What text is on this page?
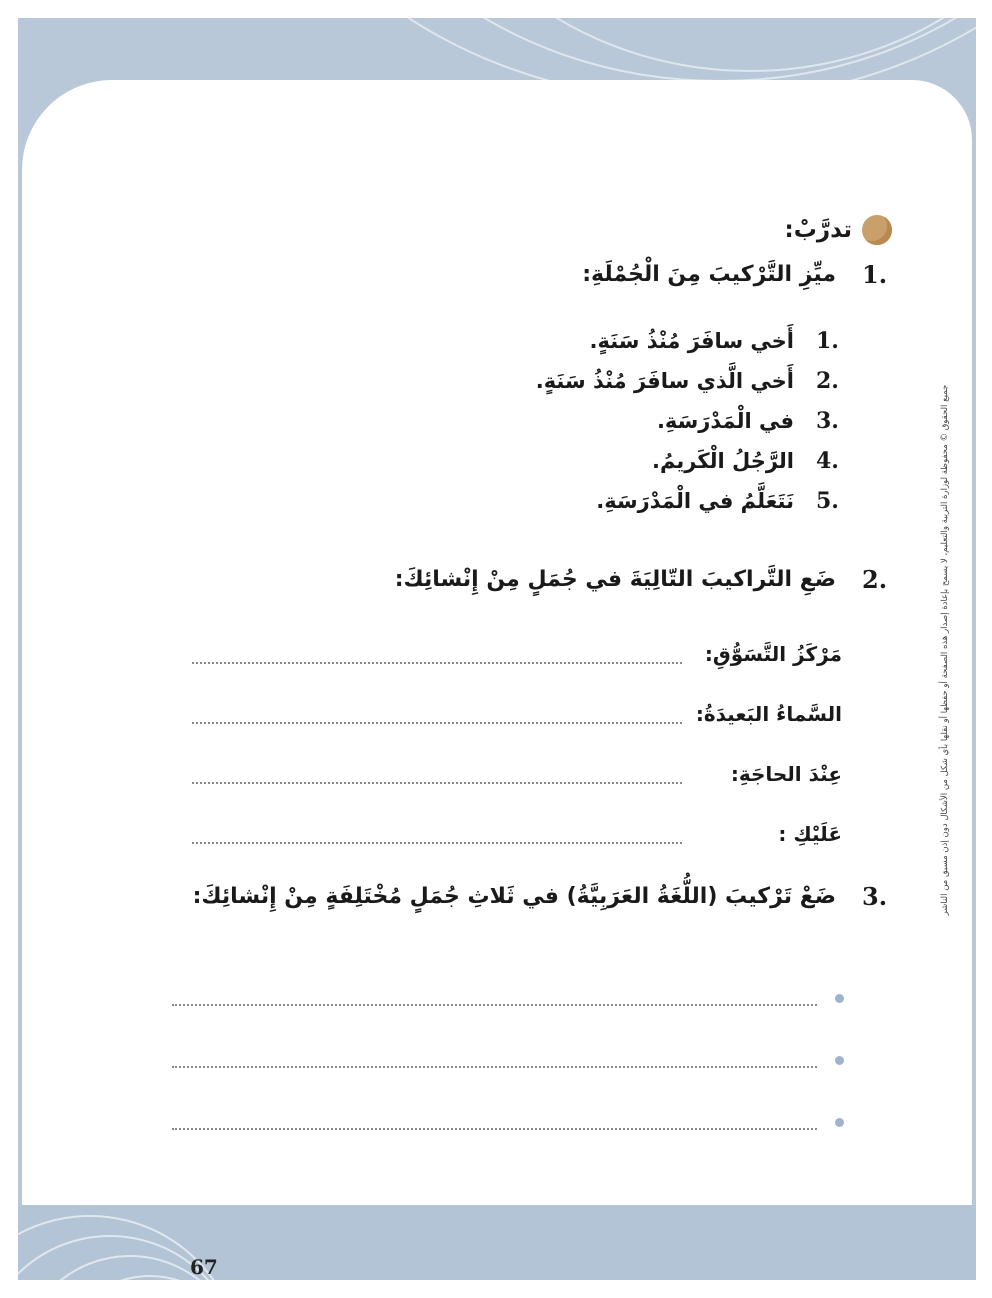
67
جميع الحقوق © محفوظة لوزارة التربية والتعليم، لا يسمح بإعادة إصدار هذه الصفحة أو حفظها أو نقلها بأي شكل من الأشكال دون إذن مسبق من الناشر
تدرَّبْ:
1.
ميِّزِ التَّرْكيبَ مِنَ الْجُمْلَةِ:
1.
أَخي سافَرَ مُنْذُ سَنَةٍ.
2.
أَخي الَّذي سافَرَ مُنْذُ سَنَةٍ.
3.
في الْمَدْرَسَةِ.
4.
الرَّجُلُ الْكَريمُ.
5.
نَتَعَلَّمُ في الْمَدْرَسَةِ.
2.
ضَعِ التَّراكيبَ التّالِيَةَ في جُمَلٍ مِنْ إِنْشائِكَ:
مَرْكَزُ التَّسَوُّقِ:
السَّماءُ البَعيدَةُ:
عِنْدَ الحاجَةِ:
عَلَيْكِ :
3.
ضَعْ تَرْكيبَ (اللُّغَةُ العَرَبِيَّةُ) في ثَلاثِ جُمَلٍ مُخْتَلِفَةٍ مِنْ إِنْشائِكَ:
